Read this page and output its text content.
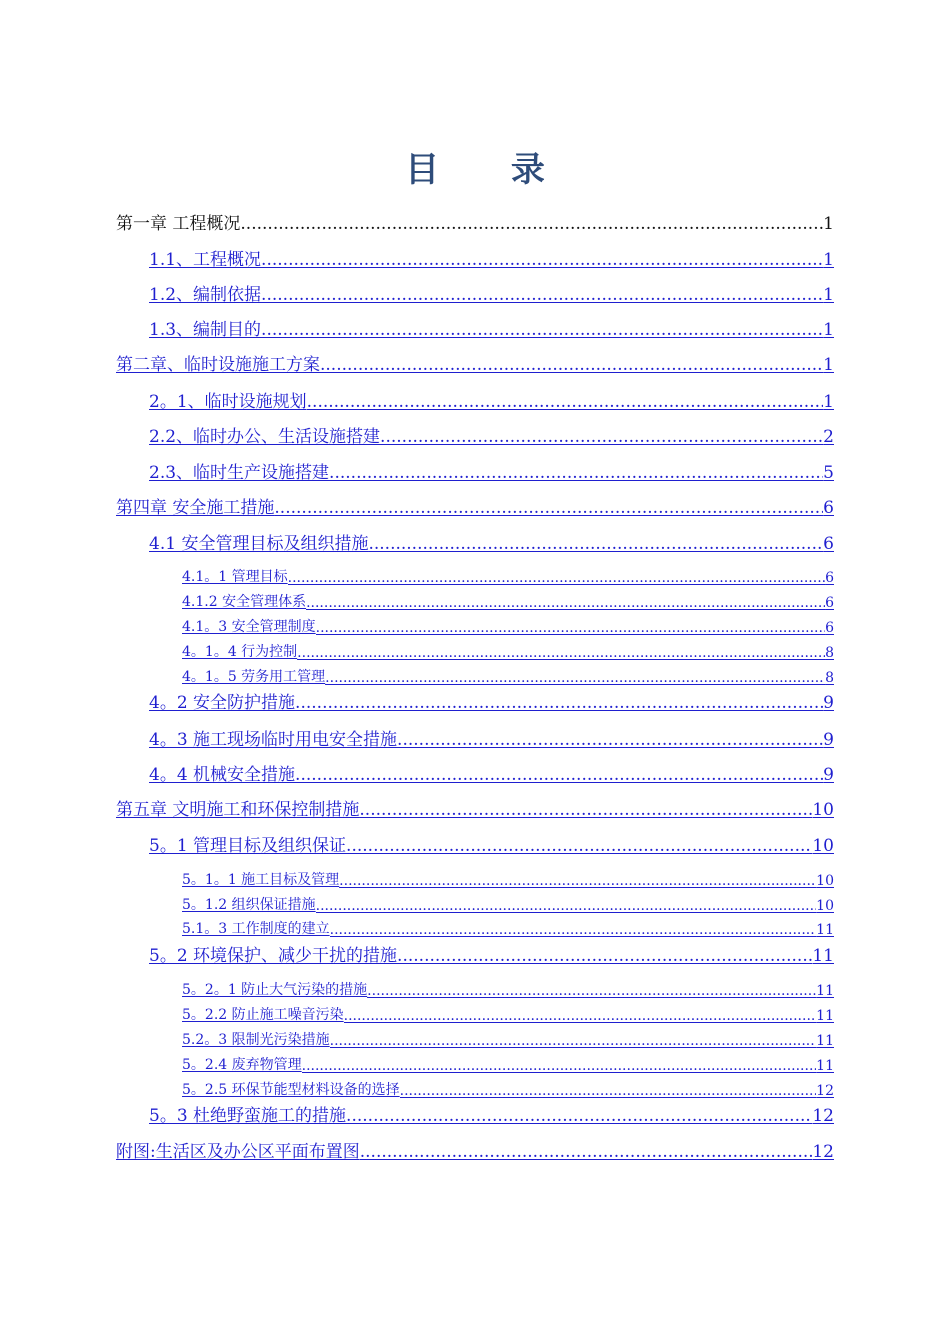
目 录
第一章 工程概况 .....	1
1.1、工程概况 .....	1
1.2、编制依据 .....	1
1.3、编制目的 .....	1
第二章、临时设施施工方案 .....	1
2。1、临时设施规划 .....	1
2.2、临时办公、生活设施搭建 .....	2
2.3、临时生产设施搭建 .....	5
第四章 安全施工措施 .....	6
4.1 安全管理目标及组织措施 .....	6
4.1。1 管理目标 .....	6
4.1.2 安全管理体系 .....	6
4.1。3 安全管理制度 .....	6
4。1。4 行为控制 .....	8
4。1。5 劳务用工管理 .....	8
4。2 安全防护措施 .....	9
4。3 施工现场临时用电安全措施 .....	9
4。4 机械安全措施 .....	9
第五章 文明施工和环保控制措施 .....	10
5。1 管理目标及组织保证 .....	10
5。1。1 施工目标及管理 .....	10
5。1.2 组织保证措施 .....	10
5.1。3 工作制度的建立 .....	11
5。2 环境保护、减少干扰的措施 .....	11
5。2。1 防止大气污染的措施 .....	11
5。2.2 防止施工噪音污染 .....	11
5.2。3 限制光污染措施 .....	11
5。2.4 废弃物管理 .....	11
5。2.5 环保节能型材料设备的选择 .....	12
5。3 杜绝野蛮施工的措施 .....	12
附图:生活区及办公区平面布置图 .....	12
